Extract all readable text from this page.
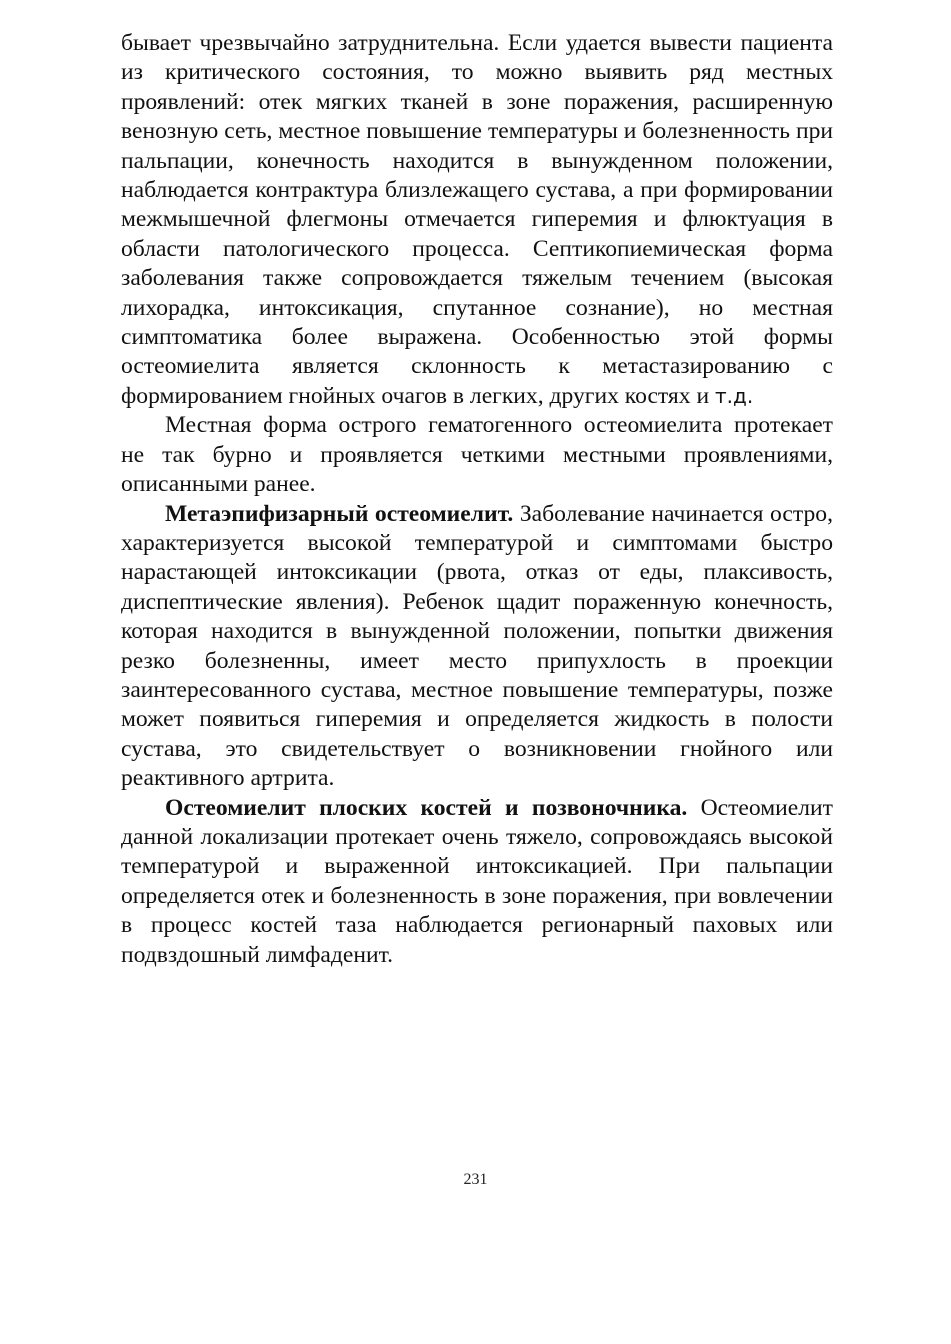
бывает чрезвычайно затруднительна. Если удается вывести пациента из критического состояния, то можно выявить ряд местных проявлений: отек мягких тканей в зоне поражения, расширенную венозную сеть, местное повышение температуры и болезненность при пальпации, конечность находится в вынужденном положении, наблюдается контрактура близлежащего сустава, а при формировании межмышечной флегмоны отмечается гиперемия и флюктуация в области патологического процесса. Септикопиемическая форма заболевания также сопровождается тяжелым течением (высокая лихорадка, интоксикация, спутанное сознание), но местная симптоматика более выражена. Особенностью этой формы остеомиелита является склонность к метастазированию с формированием гнойных очагов в легких, других костях и т.д.

Местная форма острого гематогенного остеомиелита протекает не так бурно и проявляется четкими местными проявлениями, описанными ранее.

Метаэпифизарный остеомиелит. Заболевание начинается остро, характеризуется высокой температурой и симптомами быстро нарастающей интоксикации (рвота, отказ от еды, плаксивость, диспептические явления). Ребенок щадит пораженную конечность, которая находится в вынужденной положении, попытки движения резко болезненны, имеет место припухлость в проекции заинтересованного сустава, местное повышение температуры, позже может появиться гиперемия и определяется жидкость в полости сустава, это свидетельствует о возникновении гнойного или реактивного артрита.

Остеомиелит плоских костей и позвоночника. Остеомиелит данной локализации протекает очень тяжело, сопровождаясь высокой температурой и выраженной интоксикацией. При пальпации определяется отек и болезненность в зоне поражения, при вовлечении в процесс костей таза наблюдается регионарный паховых или подвздошный лимфаденит.

231
